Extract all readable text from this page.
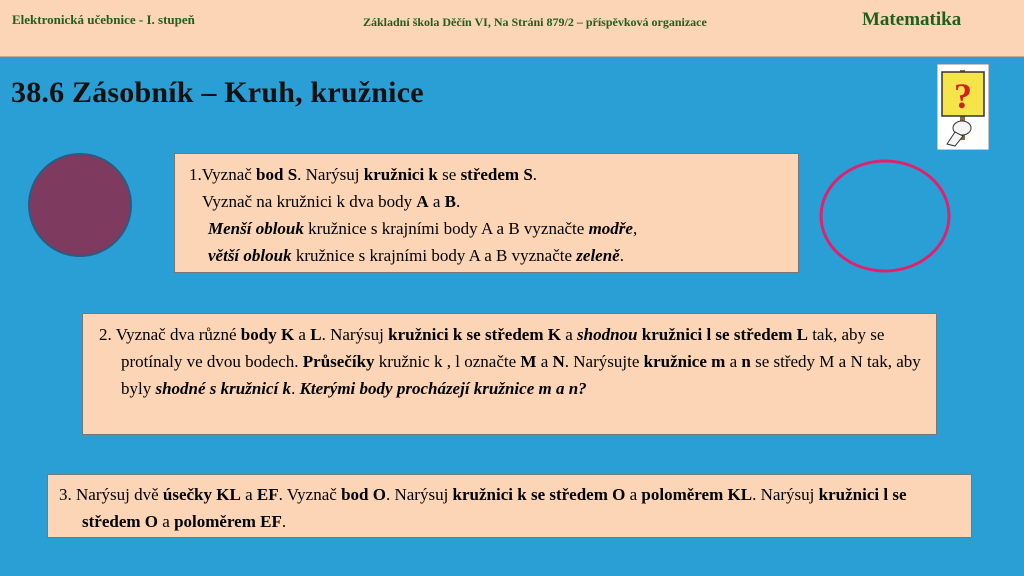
Elektronická učebnice - I. stupeň	Základní škola Děčín VI, Na Stráni 879/2 – příspěvková organizace	Matematika
38.6 Zásobník – Kruh, kružnice	?
1.Vyznač bod S. Narýsuj kružnici k se středem S.
Vyznač na kružnici k dva body A a B.
Menší oblouk kružnice s krajními body A a B vyznačte modře,
větší oblouk kružnice s krajními body A a B vyznačte zeleně.
2. Vyznač dva různé body K a L. Narýsuj kružnici k se středem K a shodnou kružnici l se středem L tak, aby se protínaly ve dvou bodech. Průsečíky kružnic k , l označte M a N. Narýsujte kružnice m a n se středy M a N tak, aby byly shodné s kružnicí k. Kterými body procházejí kružnice m a n?
3. Narýsuj dvě úsečky KL a EF. Vyznač bod O. Narýsuj kružnici k se středem O a poloměrem KL. Narýsuj kružnici l se středem O a poloměrem EF.
